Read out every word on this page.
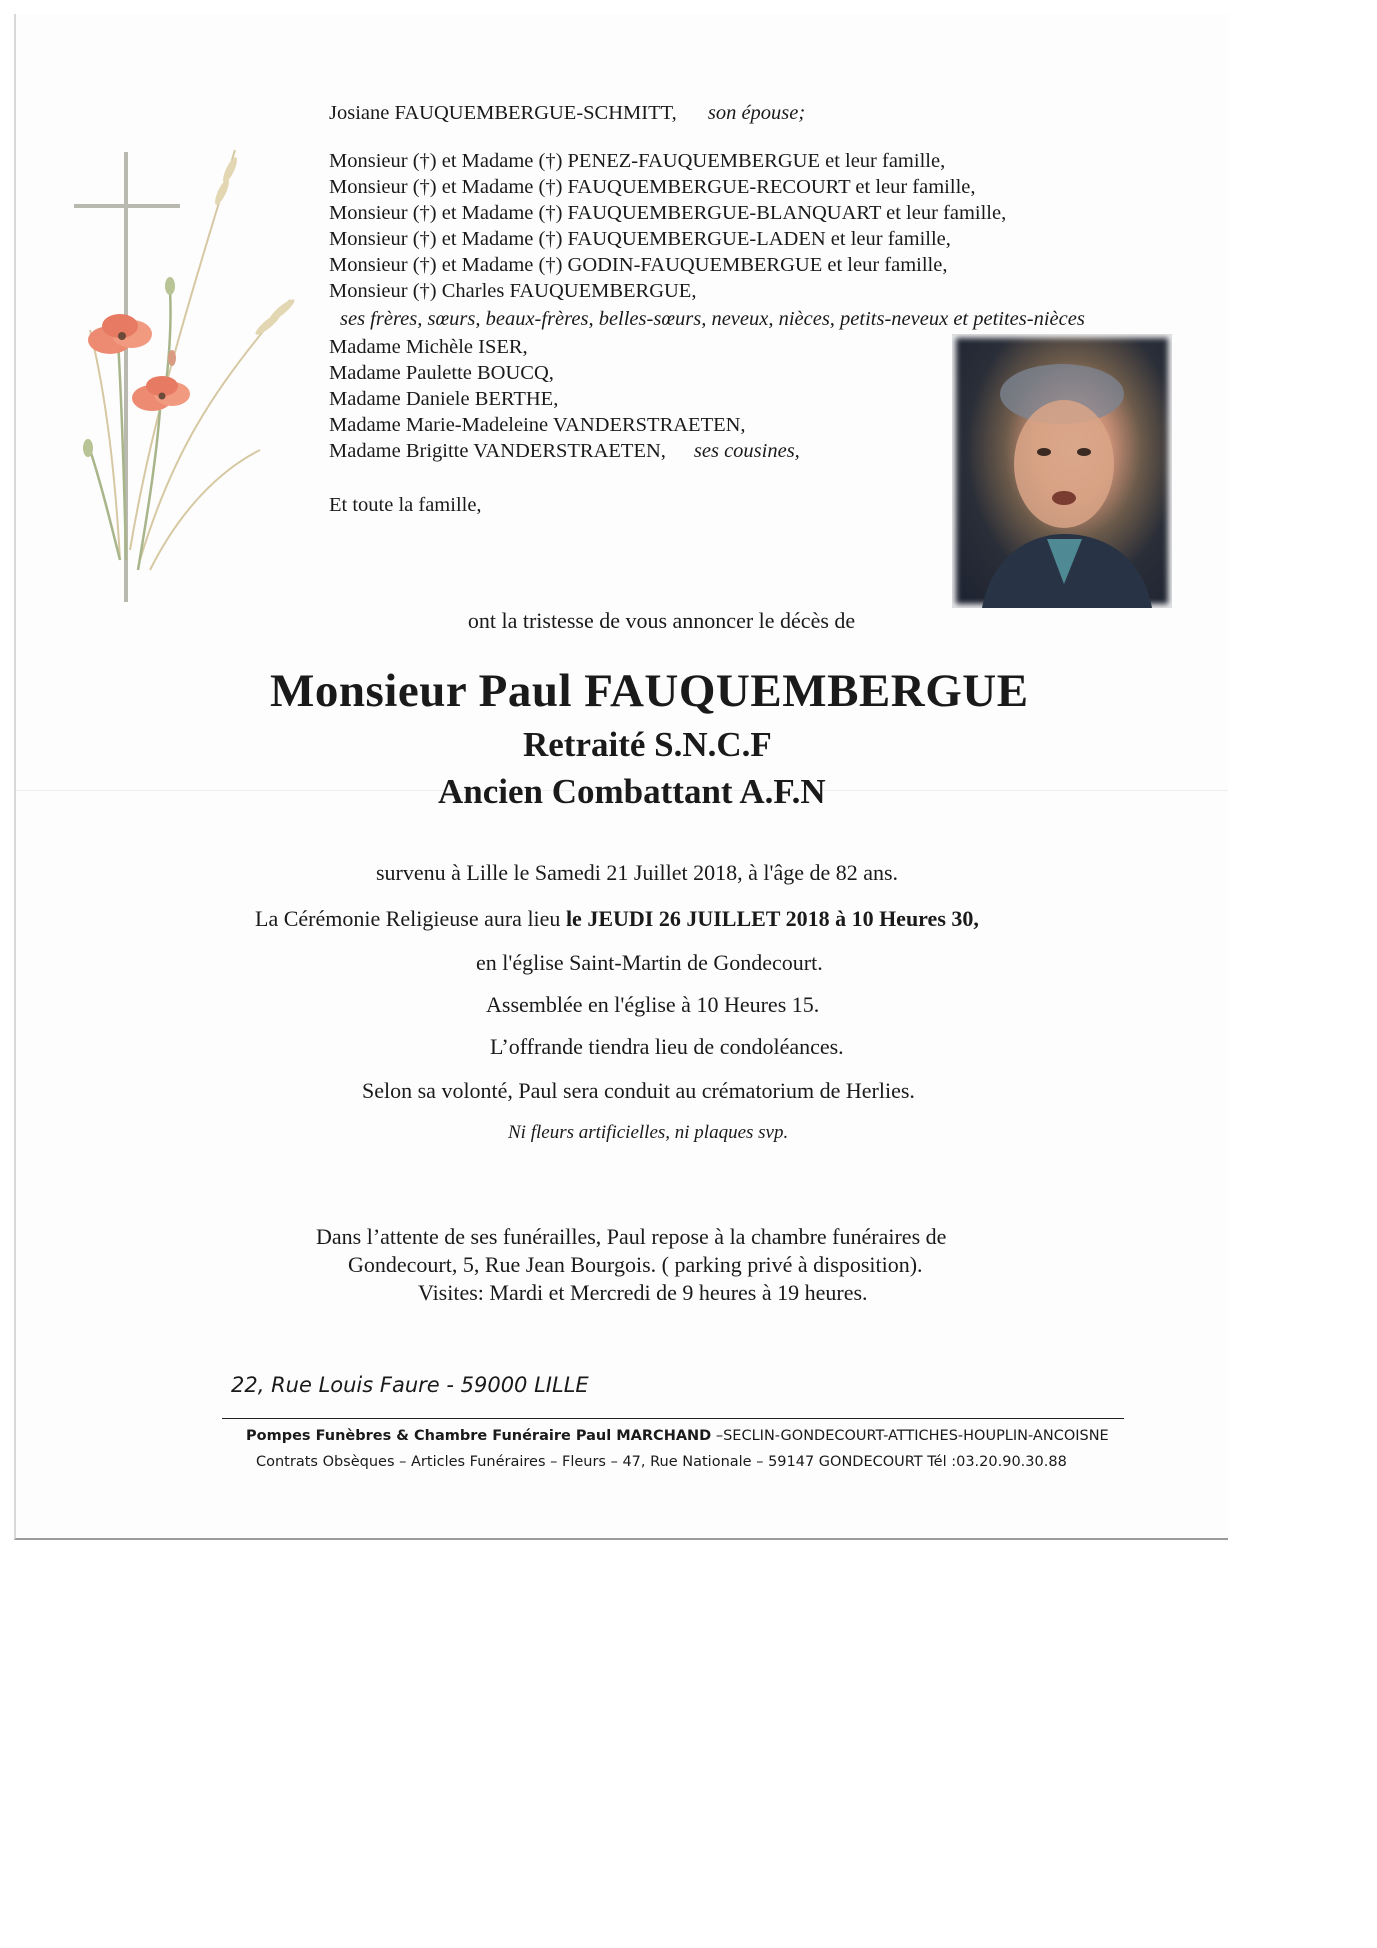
Josiane FAUQUEMBERGUE-SCHMITT, son épouse;

Monsieur (†) et Madame (†) PENEZ-FAUQUEMBERGUE et leur famille,
Monsieur (†) et Madame (†) FAUQUEMBERGUE-RECOURT et leur famille,
Monsieur (†) et Madame (†) FAUQUEMBERGUE-BLANQUART et leur famille,
Monsieur (†) et Madame (†) FAUQUEMBERGUE-LADEN et leur famille,
Monsieur (†) et Madame (†) GODIN-FAUQUEMBERGUE et leur famille,
Monsieur (†) Charles FAUQUEMBERGUE,

ses frères, sœurs, beaux-frères, belles-sœurs, neveux, nièces, petits-neveux et petites-nièces

Madame Michèle ISER,
Madame Paulette BOUCQ,
Madame Daniele BERTHE,
Madame Marie-Madeleine VANDERSTRAETEN,
Madame Brigitte VANDERSTRAETEN, ses cousines,

Et toute la famille,

ont la tristesse de vous annoncer le décès de

Monsieur Paul FAUQUEMBERGUE

Retraité S.N.C.F

Ancien Combattant A.F.N

survenu à Lille le Samedi 21 Juillet 2018, à l'âge de 82 ans.

La Cérémonie Religieuse aura lieu le JEUDI 26 JUILLET 2018 à 10 Heures 30,

en l'église Saint-Martin de Gondecourt.

Assemblée en l'église à 10 Heures 15.

L’offrande tiendra lieu de condoléances.

Selon sa volonté, Paul sera conduit au crématorium de Herlies.

Ni fleurs artificielles, ni plaques svp.

Dans l’attente de ses funérailles, Paul repose à la chambre funéraires de

Gondecourt, 5, Rue Jean Bourgois. ( parking privé à disposition).

Visites: Mardi et Mercredi de 9 heures à 19 heures.

22, Rue Louis Faure - 59000 LILLE

Pompes Funèbres & Chambre Funéraire Paul MARCHAND –SECLIN-GONDECOURT-ATTICHES-HOUPLIN-ANCOISNE

Contrats Obsèques – Articles Funéraires – Fleurs – 47, Rue Nationale – 59147 GONDECOURT Tél :03.20.90.30.88
